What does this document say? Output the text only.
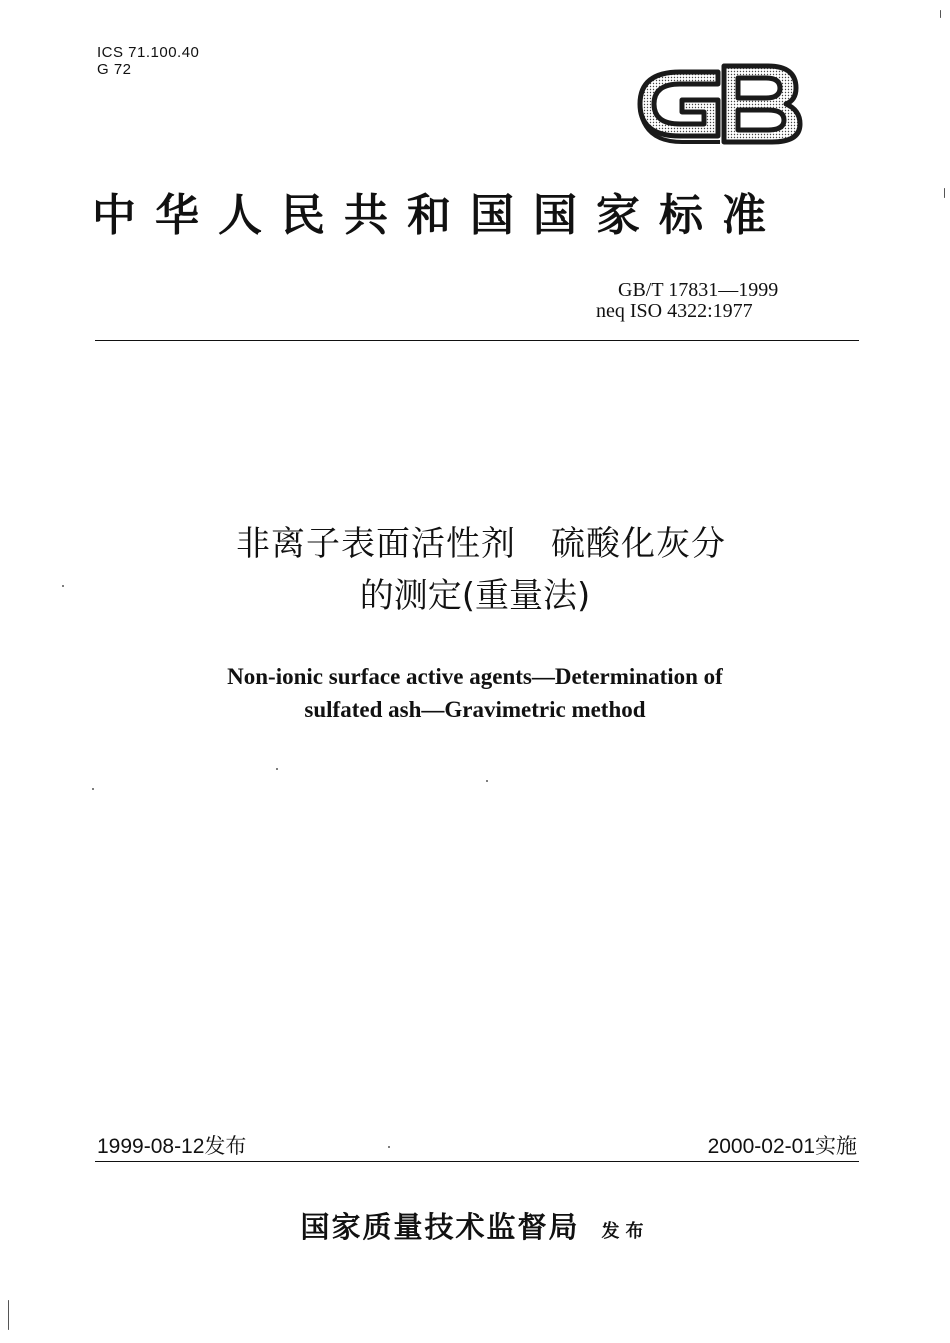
ICS 71.100.40
G 72
中华人民共和国国家标准
GB/T 17831—1999
neq ISO 4322:1977
非离子表面活性剂　硫酸化灰分
的测定(重量法)
Non-ionic surface active agents—Determination of
sulfated ash—Gravimetric method
1999-08-12发布	2000-02-01实施
国家质量技术监督局 发布
